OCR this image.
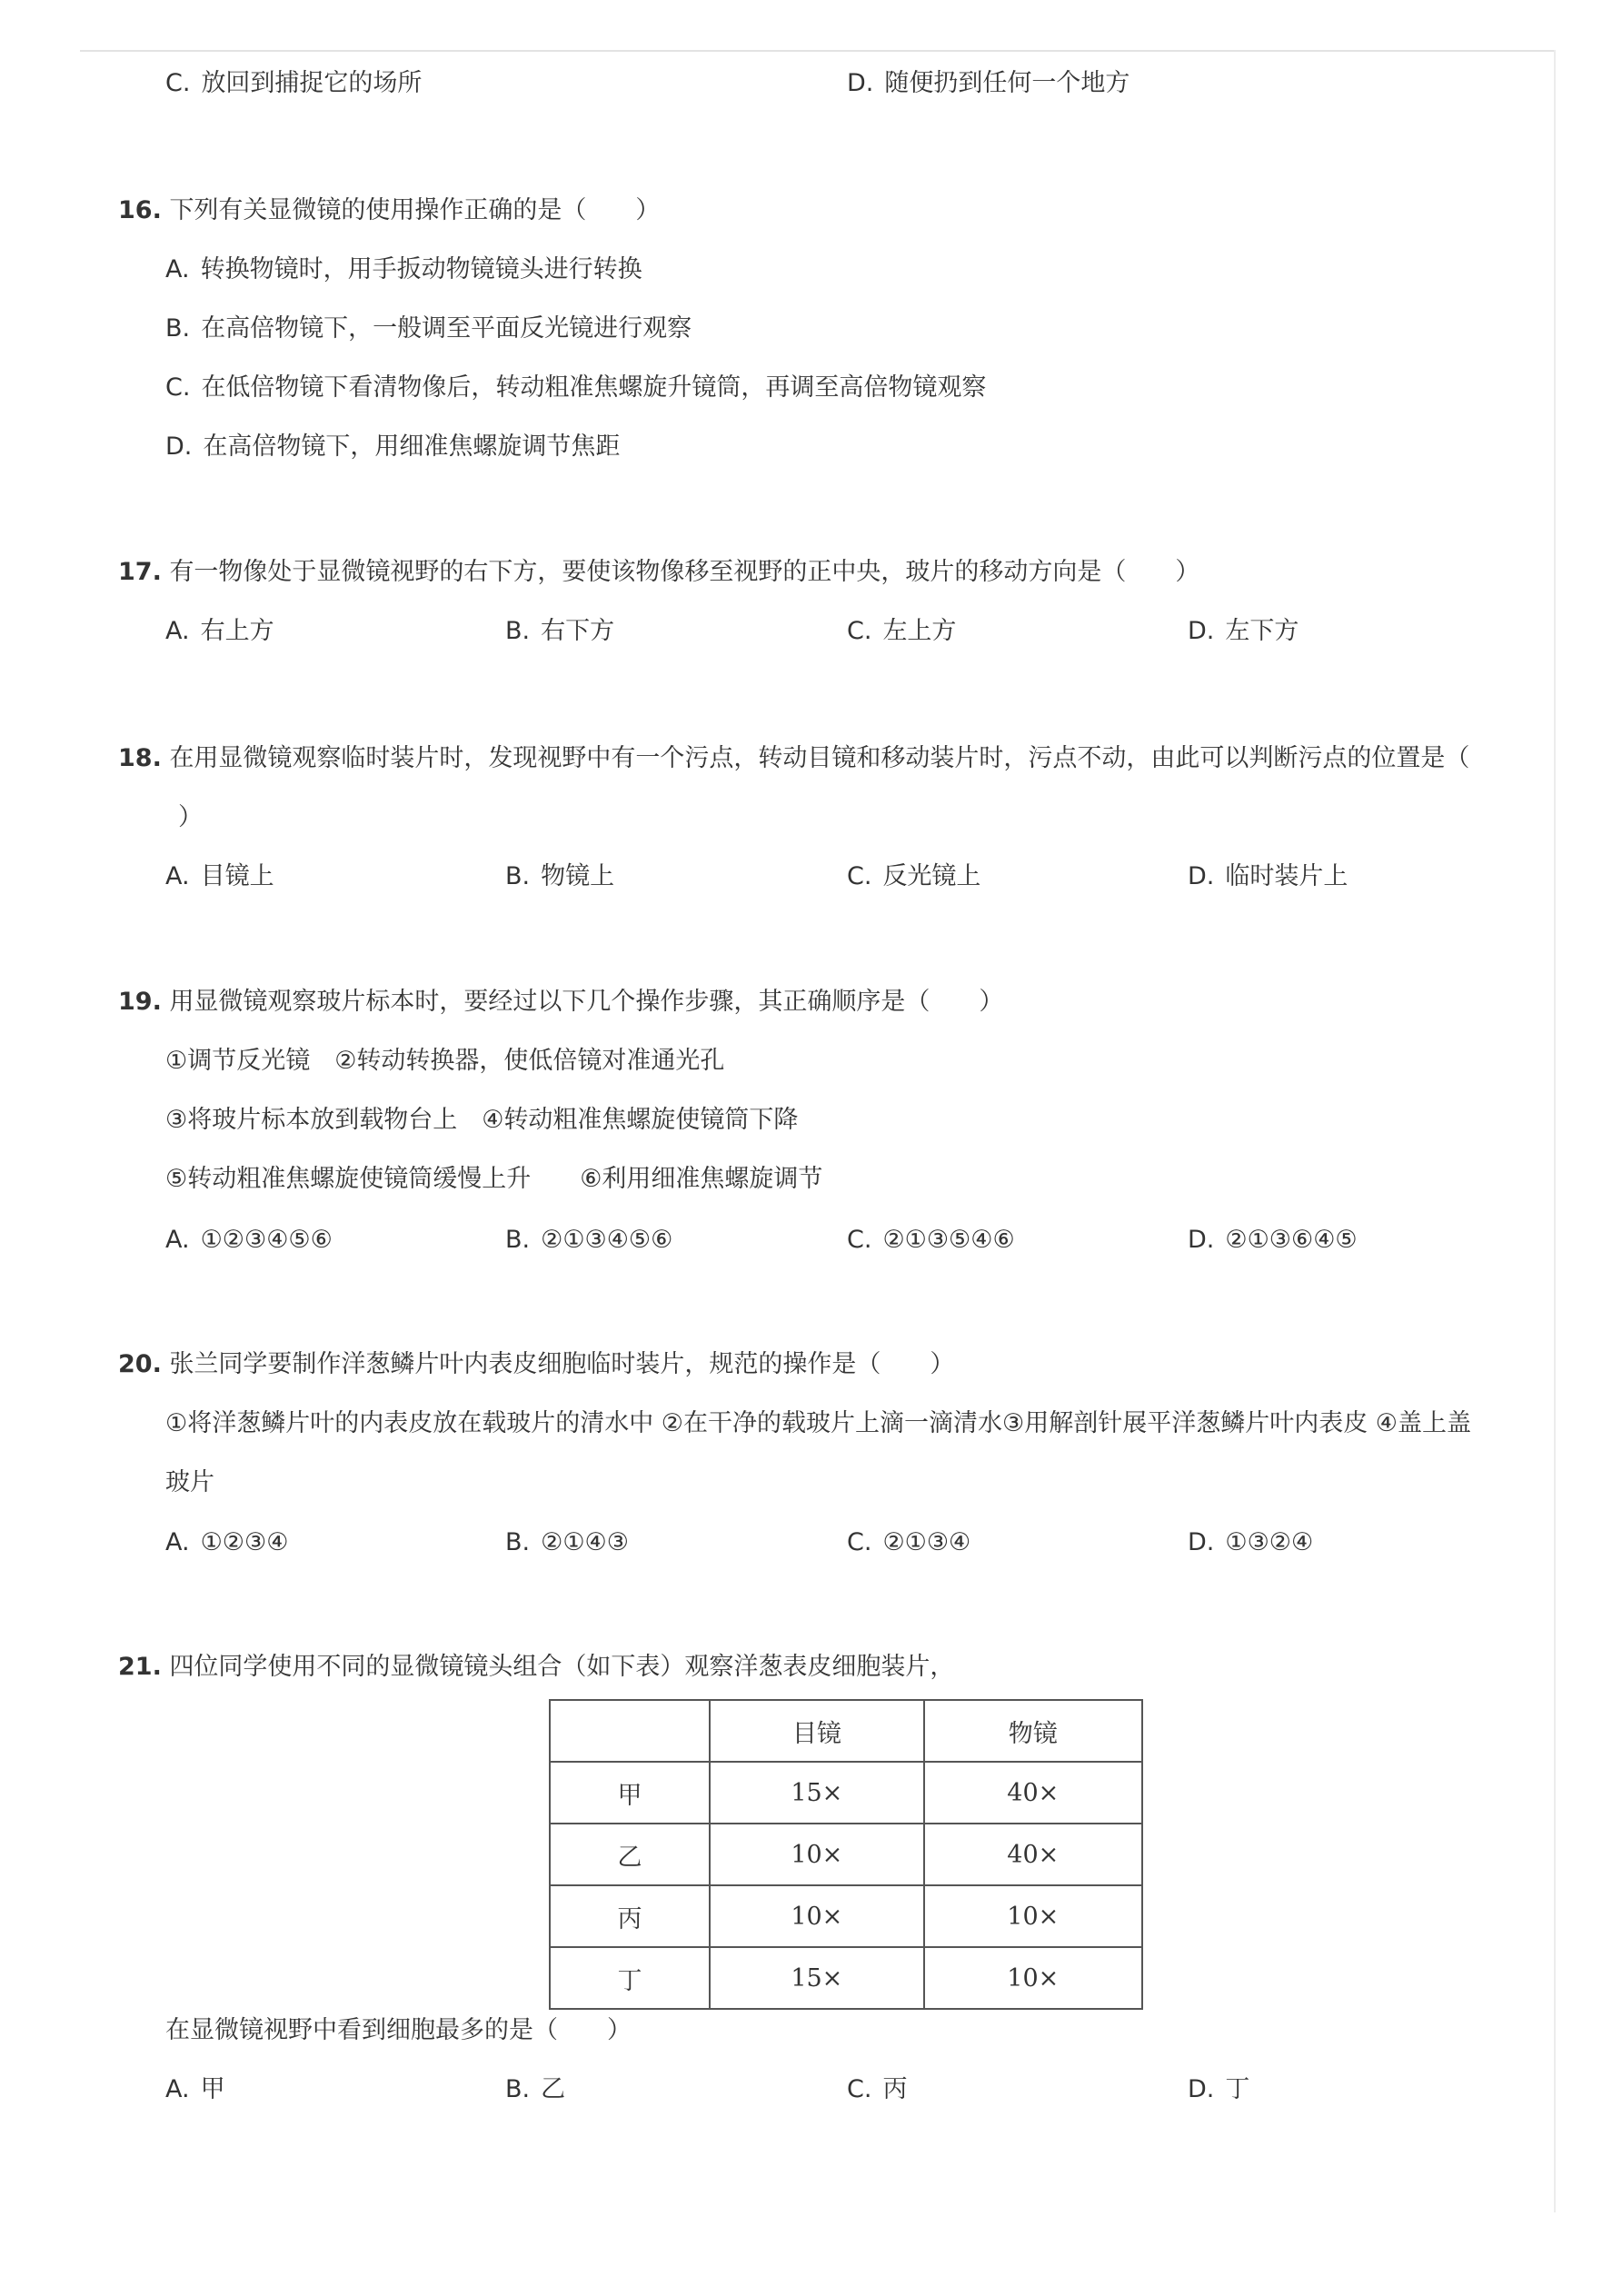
C. 放回到捕捉它的场所	D. 随便扔到任何一个地方
16. 下列有关显微镜的使用操作正确的是（　　）
A. 转换物镜时，用手扳动物镜镜头进行转换
B. 在高倍物镜下，一般调至平面反光镜进行观察
C. 在低倍物镜下看清物像后，转动粗准焦螺旋升镜筒，再调至高倍物镜观察
D. 在高倍物镜下，用细准焦螺旋调节焦距
17. 有一物像处于显微镜视野的右下方，要使该物像移至视野的正中央，玻片的移动方向是（　　）
A. 右上方	B. 右下方	C. 左上方	D. 左下方
18. 在用显微镜观察临时装片时，发现视野中有一个污点，转动目镜和移动装片时，污点不动，由此可以判断污点的位置是（
）
A. 目镜上	B. 物镜上	C. 反光镜上	D. 临时装片上
19. 用显微镜观察玻片标本时，要经过以下几个操作步骤，其正确顺序是（　　）
①调节反光镜　②转动转换器，使低倍镜对准通光孔
③将玻片标本放到载物台上　④转动粗准焦螺旋使镜筒下降
⑤转动粗准焦螺旋使镜筒缓慢上升　　⑥利用细准焦螺旋调节
A. ①②③④⑤⑥	B. ②①③④⑤⑥	C. ②①③⑤④⑥	D. ②①③⑥④⑤
20. 张兰同学要制作洋葱鳞片叶内表皮细胞临时装片，规范的操作是（　　）
①将洋葱鳞片叶的内表皮放在载玻片的清水中 ②在干净的载玻片上滴一滴清水③用解剖针展平洋葱鳞片叶内表皮 ④盖上盖
玻片
A. ①②③④	B. ②①④③	C. ②①③④	D. ①③②④
21. 四位同学使用不同的显微镜镜头组合（如下表）观察洋葱表皮细胞装片，
	目镜	物镜
甲	15×	40×
乙	10×	40×
丙	10×	10×
丁	15×	10×
在显微镜视野中看到细胞最多的是（　　）
A. 甲	B. 乙	C. 丙	D. 丁
